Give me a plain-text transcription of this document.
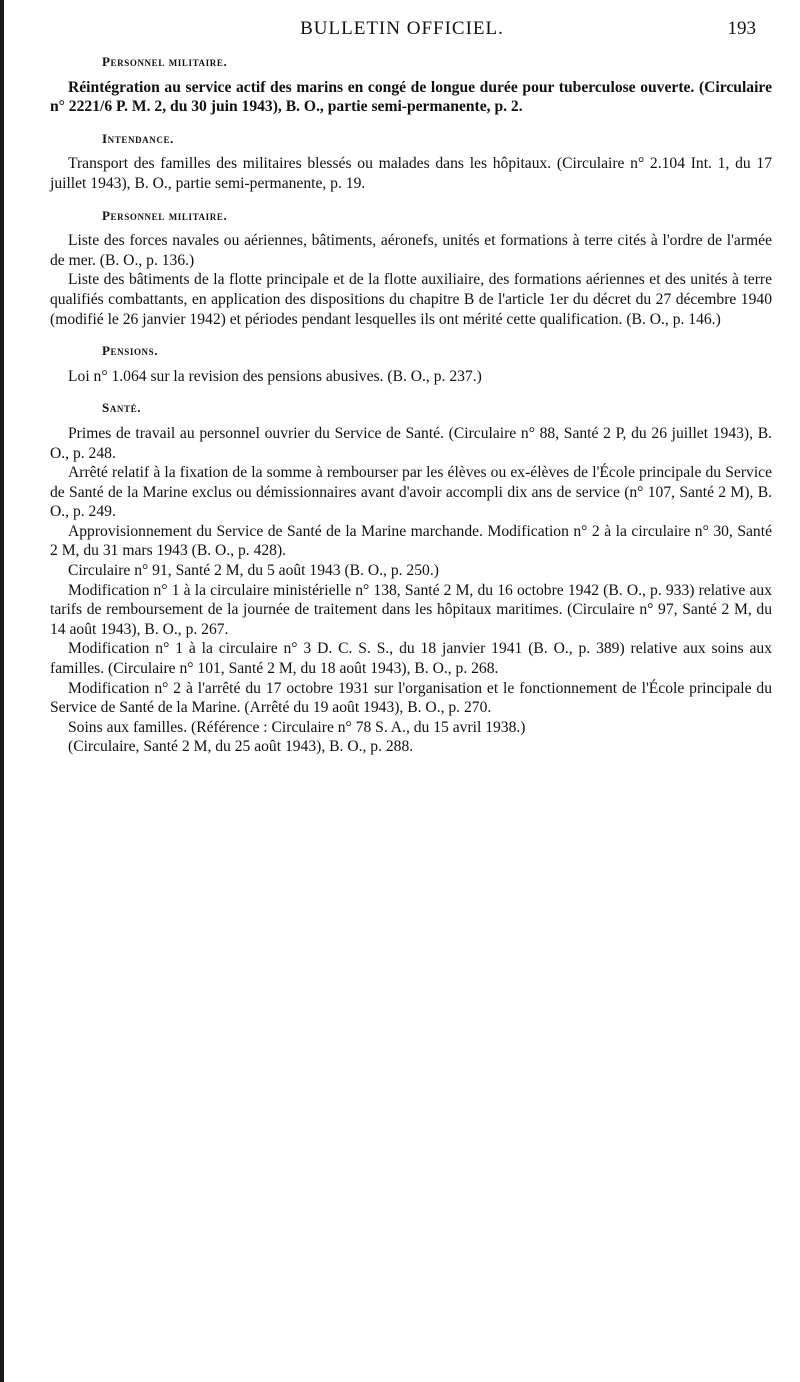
BULLETIN OFFICIEL.	193
Personnel militaire.

Réintégration au service actif des marins en congé de longue durée pour tuberculose ouverte. (Circulaire n° 2221/6 P. M. 2, du 30 juin 1943), B. O., partie semi-permanente, p. 2.

Intendance.

Transport des familles des militaires blessés ou malades dans les hôpitaux. (Circulaire n° 2.104 Int. 1, du 17 juillet 1943), B. O., partie semi-permanente, p. 19.

Personnel militaire.

Liste des forces navales ou aériennes, bâtiments, aéronefs, unités et formations à terre cités à l'ordre de l'armée de mer. (B. O., p. 136.)

Liste des bâtiments de la flotte principale et de la flotte auxiliaire, des formations aériennes et des unités à terre qualifiés combattants, en application des dispositions du chapitre B de l'article 1er du décret du 27 décembre 1940 (modifié le 26 janvier 1942) et périodes pendant lesquelles ils ont mérité cette qualification. (B. O., p. 146.)

Pensions.

Loi n° 1.064 sur la revision des pensions abusives. (B. O., p. 237.)

Santé.

Primes de travail au personnel ouvrier du Service de Santé. (Circulaire n° 88, Santé 2 P, du 26 juillet 1943), B. O., p. 248.

Arrêté relatif à la fixation de la somme à rembourser par les élèves ou ex-élèves de l'École principale du Service de Santé de la Marine exclus ou démissionnaires avant d'avoir accompli dix ans de service (n° 107, Santé 2 M), B. O., p. 249.

Approvisionnement du Service de Santé de la Marine marchande. Modification n° 2 à la circulaire n° 30, Santé 2 M, du 31 mars 1943 (B. O., p. 428).

Circulaire n° 91, Santé 2 M, du 5 août 1943 (B. O., p. 250.)

Modification n° 1 à la circulaire ministérielle n° 138, Santé 2 M, du 16 octobre 1942 (B. O., p. 933) relative aux tarifs de remboursement de la journée de traitement dans les hôpitaux maritimes. (Circulaire n° 97, Santé 2 M, du 14 août 1943), B. O., p. 267.

Modification n° 1 à la circulaire n° 3 D. C. S. S., du 18 janvier 1941 (B. O., p. 389) relative aux soins aux familles. (Circulaire n° 101, Santé 2 M, du 18 août 1943), B. O., p. 268.

Modification n° 2 à l'arrêté du 17 octobre 1931 sur l'organisation et le fonctionnement de l'École principale du Service de Santé de la Marine. (Arrêté du 19 août 1943), B. O., p. 270.

Soins aux familles. (Référence : Circulaire n° 78 S. A., du 15 avril 1938.)

(Circulaire, Santé 2 M, du 25 août 1943), B. O., p. 288.
